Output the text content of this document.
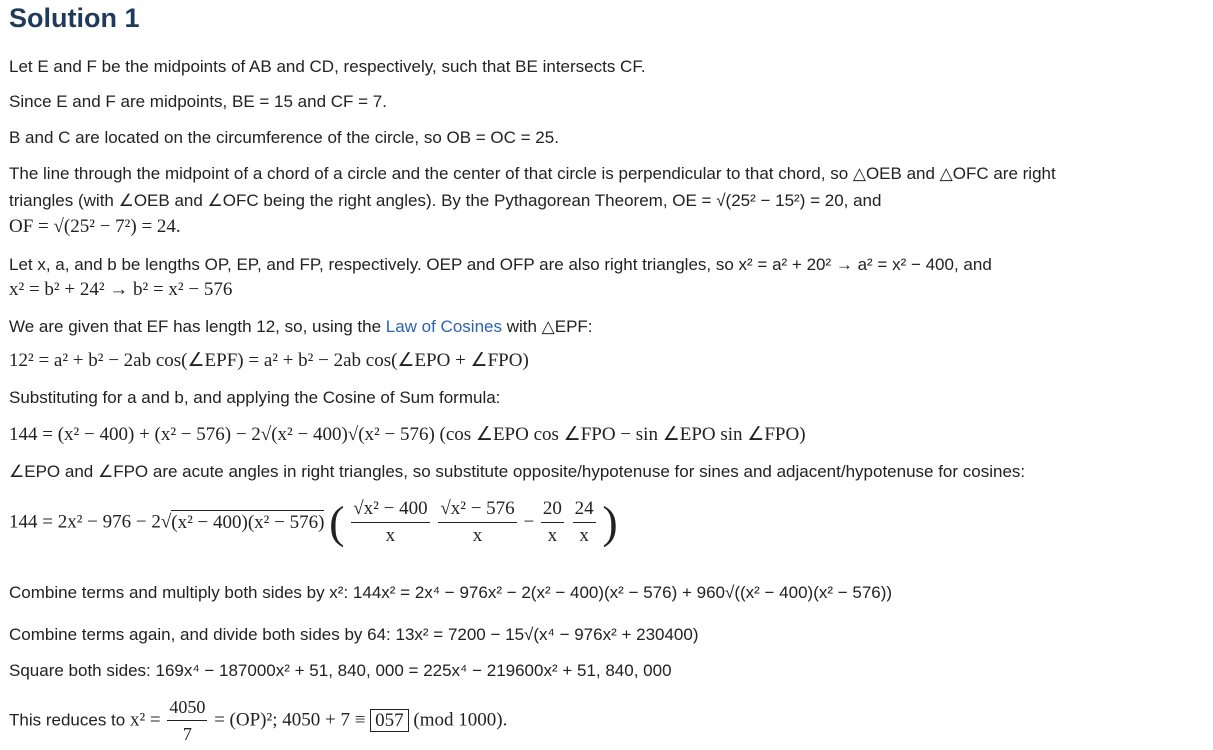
Solution 1
Let E and F be the midpoints of AB and CD, respectively, such that BE intersects CF.
Since E and F are midpoints, BE = 15 and CF = 7.
B and C are located on the circumference of the circle, so OB = OC = 25.
The line through the midpoint of a chord of a circle and the center of that circle is perpendicular to that chord, so △OEB and △OFC are right
triangles (with ∠OEB and ∠OFC being the right angles). By the Pythagorean Theorem, OE = √(25² − 15²) = 20, and
OF = √(25² − 7²) = 24.
Let x, a, and b be lengths OP, EP, and FP, respectively. OEP and OFP are also right triangles, so x² = a² + 20² → a² = x² − 400, and
x² = b² + 24² → b² = x² − 576
We are given that EF has length 12, so, using the Law of Cosines with △EPF:
12² = a² + b² − 2ab cos(∠EPF) = a² + b² − 2ab cos(∠EPO + ∠FPO)
Substituting for a and b, and applying the Cosine of Sum formula:
144 = (x² − 400) + (x² − 576) − 2√(x² − 400)√(x² − 576) (cos ∠EPO cos ∠FPO − sin ∠EPO sin ∠FPO)
∠EPO and ∠FPO are acute angles in right triangles, so substitute opposite/hypotenuse for sines and adjacent/hypotenuse for cosines:
144 = 2x² − 976 − 2√(x² − 400)(x² − 576) ( $\frac{\text{√x² − 400}}{x}$
$\frac{\text{√x² − 576}}{x} - \frac{20}{x}$
$\frac{24}{x}$ )
Combine terms and multiply both sides by x²: 144x² = 2x⁴ − 976x² − 2(x² − 400)(x² − 576) + 960√((x² − 400)(x² − 576))
Combine terms again, and divide both sides by 64: 13x² = 7200 − 15√(x⁴ − 976x² + 230400)
Square both sides: 169x⁴ − 187000x² + 51, 840, 000 = 225x⁴ − 219600x² + 51, 840, 000
This reduces to $x^2 = \frac{4050}{7} = (OP)^2$; 4050 + 7 ≡ 057 (mod 1000).
